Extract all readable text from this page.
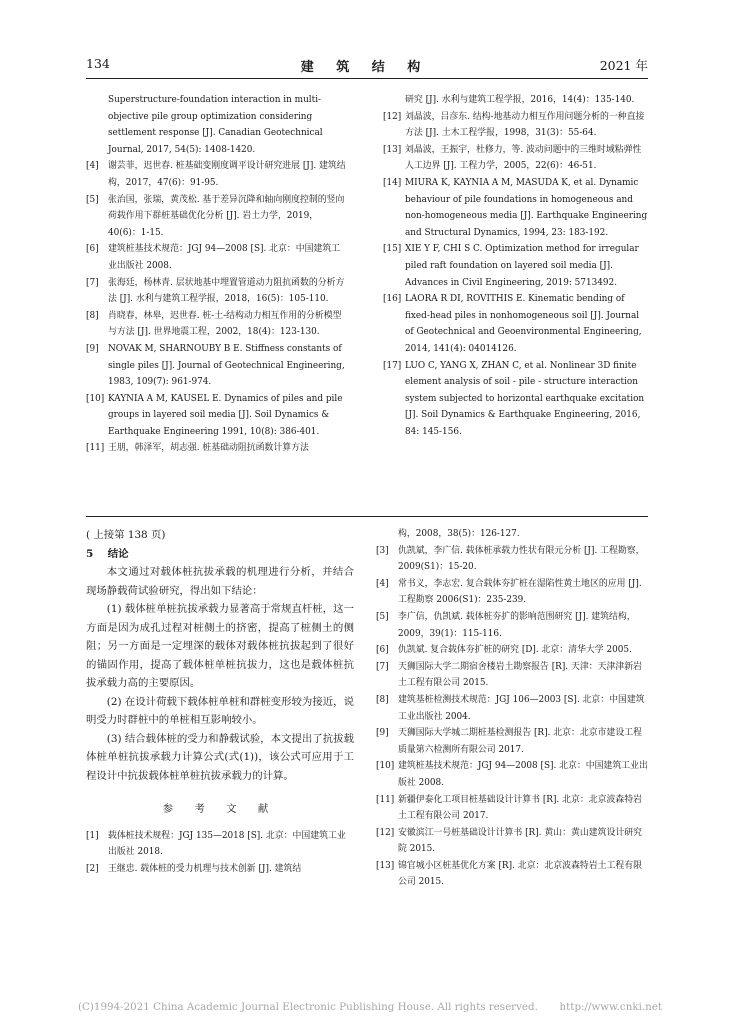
134	建 筑 结 构	2021 年
Superstructure-foundation interaction in multi-objective pile group optimization considering settlement response [J]. Canadian Geotechnical Journal, 2017, 54(5): 1408-1420.
[4] 谢芸菲，迟世春. 桩基础变刚度调平设计研究进展 [J]. 建筑结构，2017，47(6)：91-95.
[5] 张治国，张瑞，黄茂松. 基于差异沉降和轴向刚度控制的竖向荷载作用下群桩基础优化分析 [J]. 岩土力学，2019，40(6)：1-15.
[6] 建筑桩基技术规范：JGJ 94—2008 [S]. 北京：中国建筑工业出版社 2008.
[7] 张海廷，杨林青. 层状地基中埋置管道动力阻抗函数的分析方法 [J]. 水利与建筑工程学报，2018，16(5)：105-110.
[8] 肖晓春，林皋，迟世春. 桩-土-结构动力相互作用的分析模型与方法 [J]. 世界地震工程，2002，18(4)：123-130.
[9] NOVAK M, SHARNOUBY B E. Stiffness constants of single piles [J]. Journal of Geotechnical Engineering, 1983, 109(7): 961-974.
[10] KAYNIA A M, KAUSEL E. Dynamics of piles and pile groups in layered soil media [J]. Soil Dynamics & Earthquake Engineering 1991, 10(8): 386-401.
[11] 王朋，韩泽军，胡志强. 桩基础动阻抗函数计算方法
研究 [J]. 水利与建筑工程学报，2016，14(4)：135-140.
[12] 刘晶波，吕彦东. 结构-地基动力相互作用问题分析的一种直接方法 [J]. 土木工程学报，1998，31(3)：55-64.
[13] 刘晶波，王振宇，杜修力，等. 波动问题中的三维时域粘弹性人工边界 [J]. 工程力学，2005，22(6)：46-51.
[14] MIURA K, KAYNIA A M, MASUDA K, et al. Dynamic behaviour of pile foundations in homogeneous and non-homogeneous media [J]. Earthquake Engineering and Structural Dynamics, 1994, 23: 183-192.
[15] XIE Y F, CHI S C. Optimization method for irregular piled raft foundation on layered soil media [J]. Advances in Civil Engineering, 2019: 5713492.
[16] LAORA R DI, ROVITHIS E. Kinematic bending of fixed-head piles in nonhomogeneous soil [J]. Journal of Geotechnical and Geoenvironmental Engineering, 2014, 141(4): 04014126.
[17] LUO C, YANG X, ZHAN C, et al. Nonlinear 3D finite element analysis of soil - pile - structure interaction system subjected to horizontal earthquake excitation [J]. Soil Dynamics & Earthquake Engineering, 2016, 84: 145-156.
( 上接第 138 页)
5 结论

本文通过对载体桩抗拔承载的机理进行分析，并结合现场静载荷试验研究，得出如下结论：

(1) 载体桩单桩抗拔承载力显著高于常规直杆桩，这一方面是因为成孔过程对桩侧土的挤密，提高了桩侧土的侧阻；另一方面是一定埋深的载体对载体桩抗拔起到了很好的锚固作用，提高了载体桩单桩抗拔力，这也是载体桩抗拔承载力高的主要原因。

(2) 在设计荷载下载体桩单桩和群桩变形较为接近，说明受力时群桩中的单桩相互影响较小。

(3) 结合载体桩的受力和静载试验，本文提出了抗拔载体桩单桩抗拔承载力计算公式(式(1))，该公式可应用于工程设计中抗拔载体桩单桩抗拔承载力的计算。

参 考 文 献
[1] 载体桩技术规程：JGJ 135—2018 [S]. 北京：中国建筑工业出版社 2018.
[2] 王继忠. 载体桩的受力机理与技术创新 [J]. 建筑结
构，2008，38(5)：126-127.
[3] 仇凯斌，李广信. 载体桩承载力性状有限元分析 [J]. 工程勘察，2009(S1)：15-20.
[4] 常书义，李志宏. 复合载体夯扩桩在湿陷性黄土地区的应用 [J]. 工程勘察 2006(S1)：235-239.
[5] 李广信，仇凯斌. 载体桩夯扩的影响范围研究 [J]. 建筑结构，2009，39(1)：115-116.
[6] 仇凯斌. 复合载体夯扩桩的研究 [D]. 北京：清华大学 2005.
[7] 天狮国际大学二期宿舍楼岩土勘察报告 [R]. 天津：天津津新岩土工程有限公司 2015.
[8] 建筑基桩检测技术规范：JGJ 106—2003 [S]. 北京：中国建筑工业出版社 2004.
[9] 天狮国际大学城二期桩基检测报告 [R]. 北京：北京市建设工程质量第六检测所有限公司 2017.
[10] 建筑桩基技术规范：JGJ 94—2008 [S]. 北京：中国建筑工业出版社 2008.
[11] 新疆伊泰化工项目桩基础设计计算书 [R]. 北京：北京波森特岩土工程有限公司 2017.
[12] 安徽滨江一号桩基础设计计算书 [R]. 黄山：黄山建筑设计研究院 2015.
[13] 锦官城小区桩基优化方案 [R]. 北京：北京波森特岩土工程有限公司 2015.
(C)1994-2021 China Academic Journal Electronic Publishing House. All rights reserved. http://www.cnki.net
